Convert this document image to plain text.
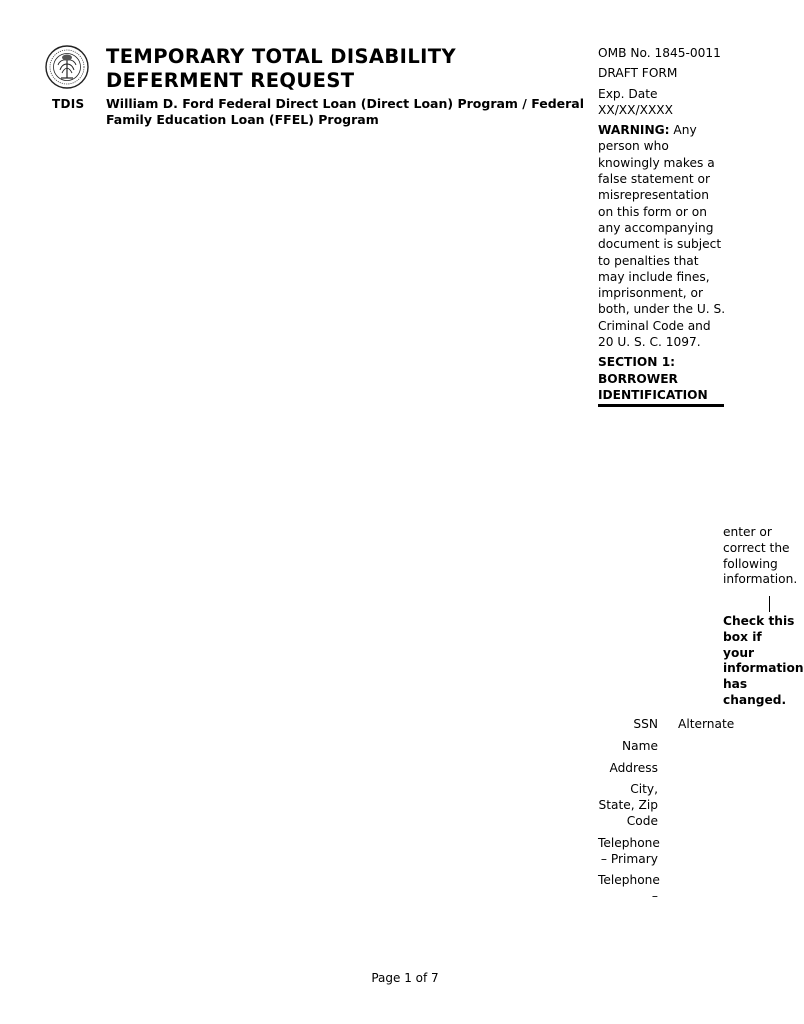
TDIS
TEMPORARY TOTAL DISABILITY DEFERMENT REQUEST
William D. Ford Federal Direct Loan (Direct Loan) Program / Federal Family Education Loan (FFEL) Program

OMB No. 1845-0011

DRAFT FORM

Exp. Date XX/XX/XXXX

WARNING: Any person who knowingly makes a false statement or misrepresentation on this form or on any accompanying document is subject to penalties that may include fines, imprisonment, or both, under the U. S. Criminal Code and 20 U. S. C. 1097.

SECTION 1: BORROWER IDENTIFICATION
enter or
correct the
following
information.
Check this
box if
your
information
has
changed.
SSN
Name
Address
City, State, Zip Code
Telephone – Primary
Telephone –
Alternate
Page 1 of 7
